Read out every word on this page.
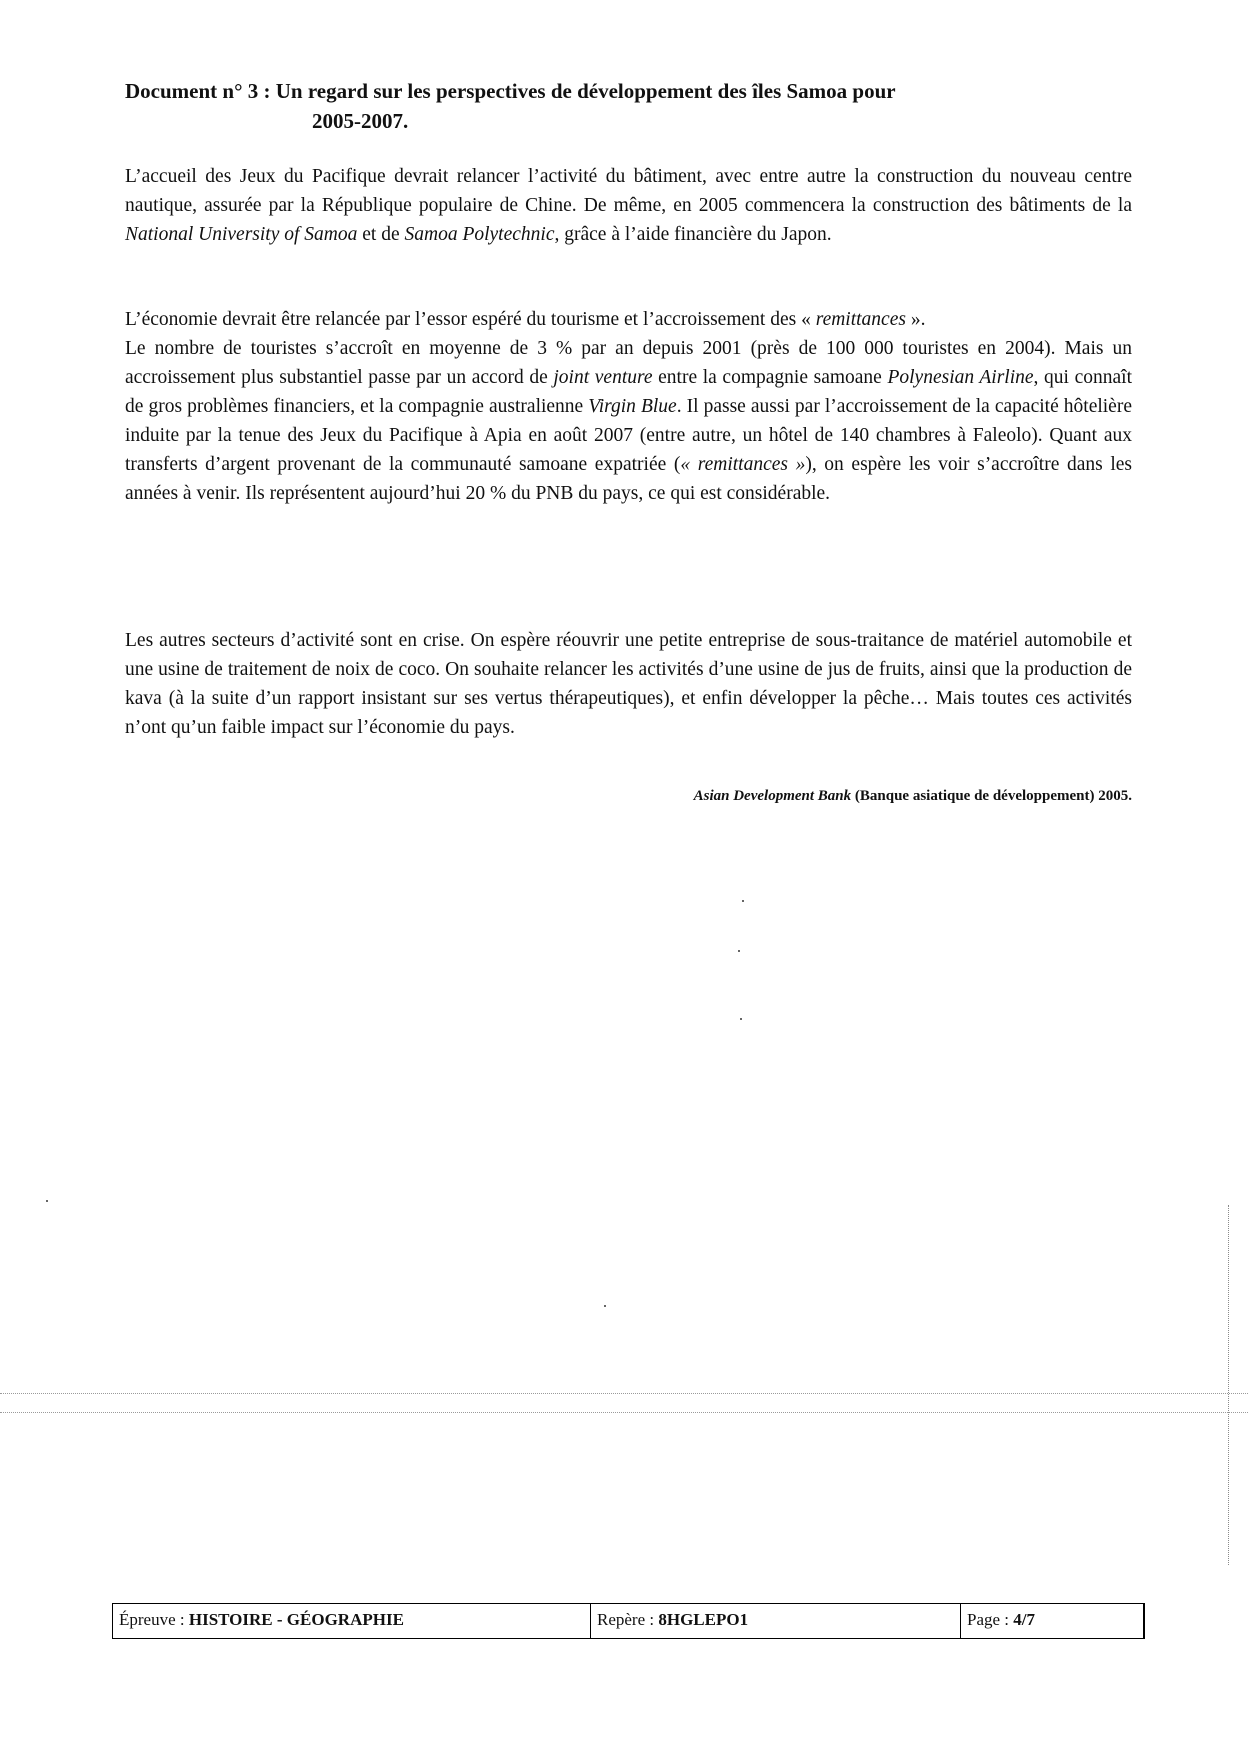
Document n° 3 : Un regard sur les perspectives de développement des îles Samoa pour
2005-2007.

L’accueil des Jeux du Pacifique devrait relancer l’activité du bâtiment, avec entre autre la construction du nouveau centre nautique, assurée par la République populaire de Chine. De même, en 2005 commencera la construction des bâtiments de la National University of Samoa et de Samoa Polytechnic, grâce à l’aide financière du Japon.

L’économie devrait être relancée par l’essor espéré du tourisme et l’accroissement des « remittances ».
Le nombre de touristes s’accroît en moyenne de 3 % par an depuis 2001 (près de 100 000 touristes en 2004). Mais un accroissement plus substantiel passe par un accord de joint venture entre la compagnie samoane Polynesian Airline, qui connaît de gros problèmes financiers, et la compagnie australienne Virgin Blue. Il passe aussi par l’accroissement de la capacité hôtelière induite par la tenue des Jeux du Pacifique à Apia en août 2007 (entre autre, un hôtel de 140 chambres à Faleolo). Quant aux transferts d’argent provenant de la communauté samoane expatriée (« remittances »), on espère les voir s’accroître dans les années à venir. Ils représentent aujourd’hui 20 % du PNB du pays, ce qui est considérable.

Les autres secteurs d’activité sont en crise. On espère réouvrir une petite entreprise de sous-traitance de matériel automobile et une usine de traitement de noix de coco. On souhaite relancer les activités d’une usine de jus de fruits, ainsi que la production de kava (à la suite d’un rapport insistant sur ses vertus thérapeutiques), et enfin développer la pêche… Mais toutes ces activités n’ont qu’un faible impact sur l’économie du pays.

Asian Development Bank (Banque asiatique de développement) 2005.
Épreuve : HISTOIRE - GÉOGRAPHIE	Repère : 8HGLEPO1	Page : 4/7
